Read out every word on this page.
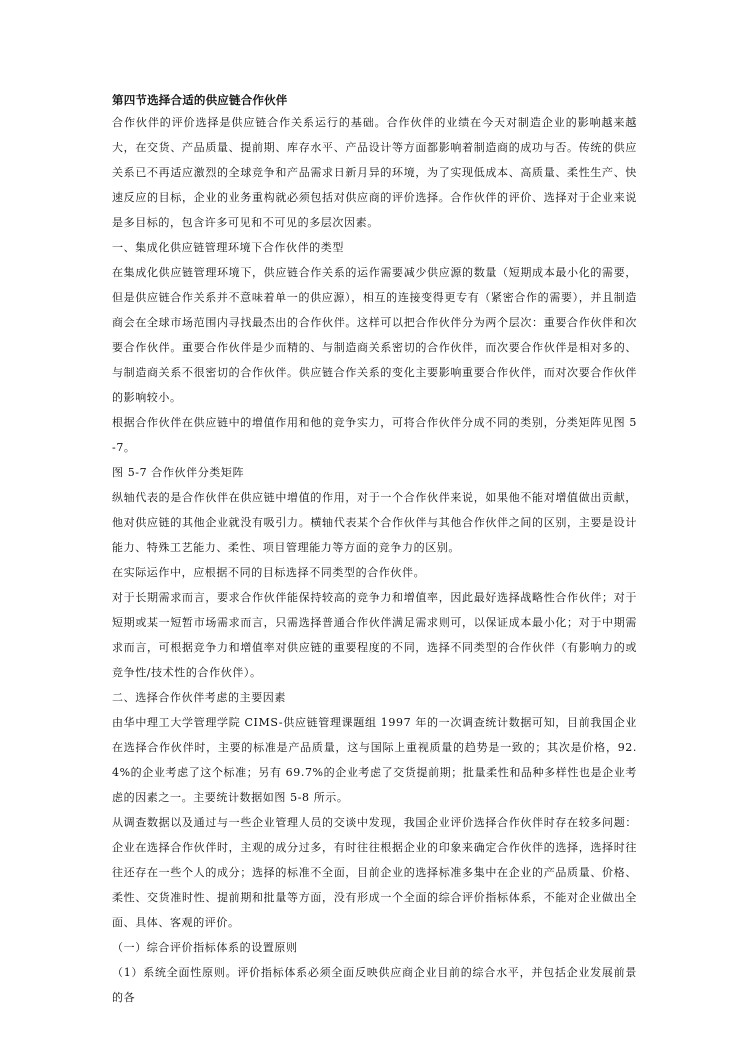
第四节选择合适的供应链合作伙伴

合作伙伴的评价选择是供应链合作关系运行的基础。合作伙伴的业绩在今天对制造企业的影响越来越大，在交货、产品质量、提前期、库存水平、产品设计等方面都影响着制造商的成功与否。传统的供应关系已不再适应激烈的全球竞争和产品需求日新月异的环境，为了实现低成本、高质量、柔性生产、快速反应的目标，企业的业务重构就必须包括对供应商的评价选择。合作伙伴的评价、选择对于企业来说是多目标的，包含许多可见和不可见的多层次因素。

一、集成化供应链管理环境下合作伙伴的类型

在集成化供应链管理环境下，供应链合作关系的运作需要减少供应源的数量（短期成本最小化的需要，但是供应链合作关系并不意味着单一的供应源），相互的连接变得更专有（紧密合作的需要），并且制造商会在全球市场范围内寻找最杰出的合作伙伴。这样可以把合作伙伴分为两个层次：重要合作伙伴和次要合作伙伴。重要合作伙伴是少而精的、与制造商关系密切的合作伙伴，而次要合作伙伴是相对多的、与制造商关系不很密切的合作伙伴。供应链合作关系的变化主要影响重要合作伙伴，而对次要合作伙伴的影响较小。

根据合作伙伴在供应链中的增值作用和他的竞争实力，可将合作伙伴分成不同的类别，分类矩阵见图 5-7。

图 5-7 合作伙伴分类矩阵

纵轴代表的是合作伙伴在供应链中增值的作用，对于一个合作伙伴来说，如果他不能对增值做出贡献，他对供应链的其他企业就没有吸引力。横轴代表某个合作伙伴与其他合作伙伴之间的区别，主要是设计能力、特殊工艺能力、柔性、项目管理能力等方面的竞争力的区别。

在实际运作中，应根据不同的目标选择不同类型的合作伙伴。

对于长期需求而言，要求合作伙伴能保持较高的竞争力和增值率，因此最好选择战略性合作伙伴；对于短期或某一短暂市场需求而言，只需选择普通合作伙伴满足需求则可，以保证成本最小化；对于中期需求而言，可根据竞争力和增值率对供应链的重要程度的不同，选择不同类型的合作伙伴（有影响力的或竞争性/技术性的合作伙伴）。

二、选择合作伙伴考虑的主要因素

由华中理工大学管理学院 CIMS-供应链管理课题组 1997 年的一次调查统计数据可知，目前我国企业在选择合作伙伴时，主要的标准是产品质量，这与国际上重视质量的趋势是一致的；其次是价格，92.4%的企业考虑了这个标准；另有 69.7%的企业考虑了交货提前期；批量柔性和品种多样性也是企业考虑的因素之一。主要统计数据如图 5-8 所示。

从调查数据以及通过与一些企业管理人员的交谈中发现，我国企业评价选择合作伙伴时存在较多问题：企业在选择合作伙伴时，主观的成分过多，有时往往根据企业的印象来确定合作伙伴的选择，选择时往往还存在一些个人的成分；选择的标准不全面，目前企业的选择标准多集中在企业的产品质量、价格、柔性、交货准时性、提前期和批量等方面，没有形成一个全面的综合评价指标体系，不能对企业做出全面、具体、客观的评价。

（一）综合评价指标体系的设置原则

（1）系统全面性原则。评价指标体系必须全面反映供应商企业目前的综合水平，并包括企业发展前景的各
